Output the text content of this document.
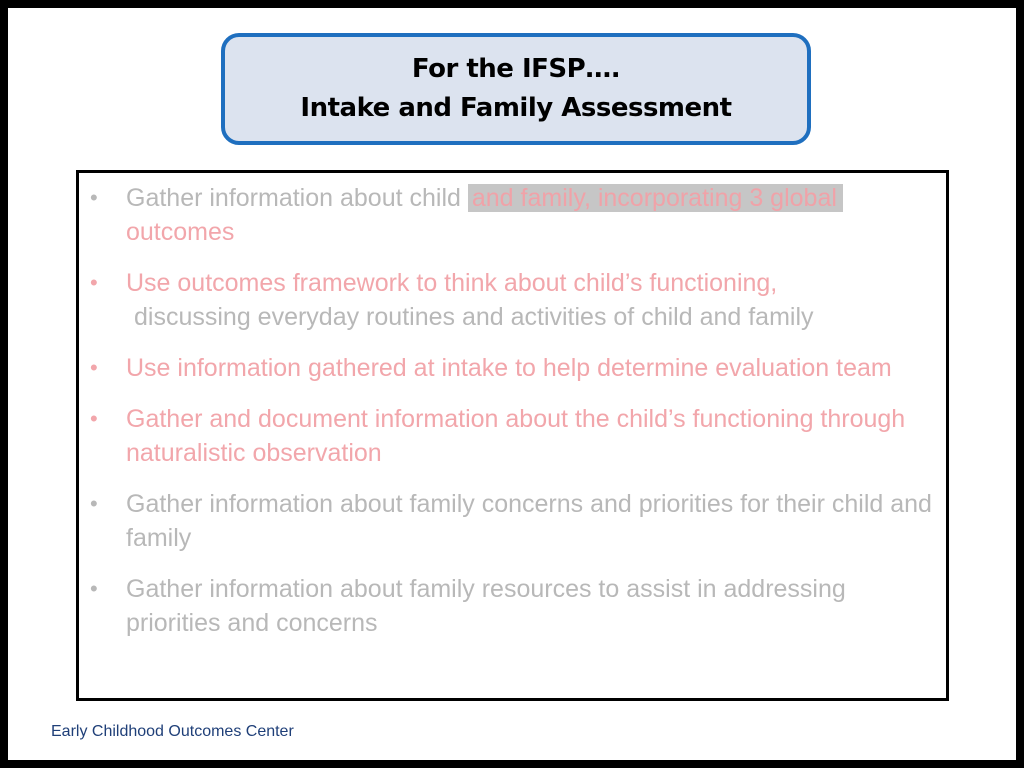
For the IFSP….
Intake and Family Assessment
• Gather information about child and family, incorporating 3 global outcomes
• Use outcomes framework to think about child’s functioning,
discussing everyday routines and activities of child and family
• Use information gathered at intake to help determine evaluation team
• Gather and document information about the child’s functioning through naturalistic observation
• Gather information about family concerns and priorities for their child and family
• Gather information about family resources to assist in addressing priorities and concerns
Early Childhood Outcomes Center
